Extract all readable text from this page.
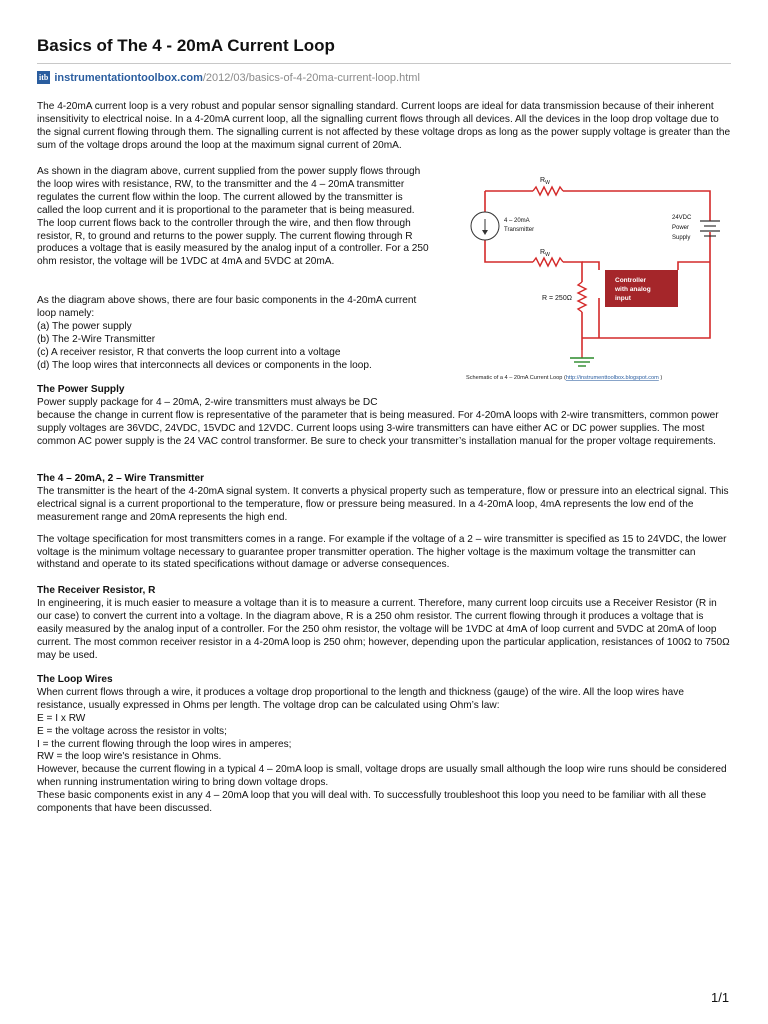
Basics of The 4 - 20mA Current Loop
itb instrumentationtoolbox.com/2012/03/basics-of-4-20ma-current-loop.html

The 4-20mA current loop is a very robust and popular sensor signalling standard. Current loops are ideal for data transmission because of their inherent insensitivity to electrical noise. In a 4-20mA current loop, all the signalling current flows through all devices. All the devices in the loop drop voltage due to the signal current flowing through them. The signalling current is not affected by these voltage drops as long as the power supply voltage is greater than the sum of the voltage drops around the loop at the maximum signal current of 20mA.

As shown in the diagram above, current supplied from the power supply flows through the loop wires with resistance, RW, to the transmitter and the 4 – 20mA transmitter regulates the current flow within the loop. The current allowed by the transmitter is called the loop current and it is proportional to the parameter that is being measured. The loop current flows back to the controller through the wire, and then flow through resistor, R, to ground and returns to the power supply. The current flowing through R produces a voltage that is easily measured by the analog input of a controller. For a 250 ohm resistor, the voltage will be 1VDC at 4mA and 5VDC at 20mA.

As the diagram above shows, there are four basic components in the 4-20mA current loop namely:
(a) The power supply
(b) The 2-Wire Transmitter
(c) A receiver resistor, R that converts the loop current into a voltage
(d) The loop wires that interconnects all devices or components in the loop.
The Power Supply
Power supply package for 4 – 20mA, 2-wire transmitters must always be DC
because the change in current flow is representative of the parameter that is being measured. For 4-20mA loops with 2-wire transmitters, common power supply voltages are 36VDC, 24VDC, 15VDC and 12VDC. Current loops using 3-wire transmitters can have either AC or DC power supplies. The most common AC power supply is the 24 VAC control transformer. Be sure to check your transmitter’s installation manual for the proper voltage requirements.
The 4 – 20mA, 2 – Wire Transmitter
The transmitter is the heart of the 4-20mA signal system. It converts a physical property such as temperature, flow or pressure into an electrical signal. This electrical signal is a current proportional to the temperature, flow or pressure being measured. In a 4-20mA loop, 4mA represents the low end of the measurement range and 20mA represents the high end.
The voltage specification for most transmitters comes in a range. For example if the voltage of a 2 – wire transmitter is specified as 15 to 24VDC, the lower voltage is the minimum voltage necessary to guarantee proper transmitter operation. The higher voltage is the maximum voltage the transmitter can withstand and operate to its stated specifications without damage or adverse consequences.
The Receiver Resistor, R
In engineering, it is much easier to measure a voltage than it is to measure a current. Therefore, many current loop circuits use a Receiver Resistor (R in our case) to convert the current into a voltage. In the diagram above, R is a 250 ohm resistor. The current flowing through it produces a voltage that is easily measured by the analog input of a controller. For the 250 ohm resistor, the voltage will be 1VDC at 4mA of loop current and 5VDC at 20mA of loop current. The most common receiver resistor in a 4-20mA loop is 250 ohm; however, depending upon the particular application, resistances of 100Ω to 750Ω may be used.
The Loop Wires
When current flows through a wire, it produces a voltage drop proportional to the length and thickness (gauge) of the wire. All the loop wires have resistance, usually expressed in Ohms per length. The voltage drop can be calculated using Ohm’s law:
E = I x RW
E = the voltage across the resistor in volts;
I = the current flowing through the loop wires in amperes;
RW = the loop wire's resistance in Ohms.
However, because the current flowing in a typical 4 – 20mA loop is small, voltage drops are usually small although the loop wire runs should be considered when running instrumentation wiring to bring down voltage drops.
These basic components exist in any 4 – 20mA loop that you will deal with. To successfully troubleshoot this loop you need to be familiar with all these components that have been discussed.
Controller
with analog
input
$R_W$
$R_W$
4 – 20mA
Transmitter
24VDC
Power
Supply
R = 250Ω
Schematic of a 4 – 20mA Current Loop (http://instrumenttoolbox.blogspot.com )
1/1
